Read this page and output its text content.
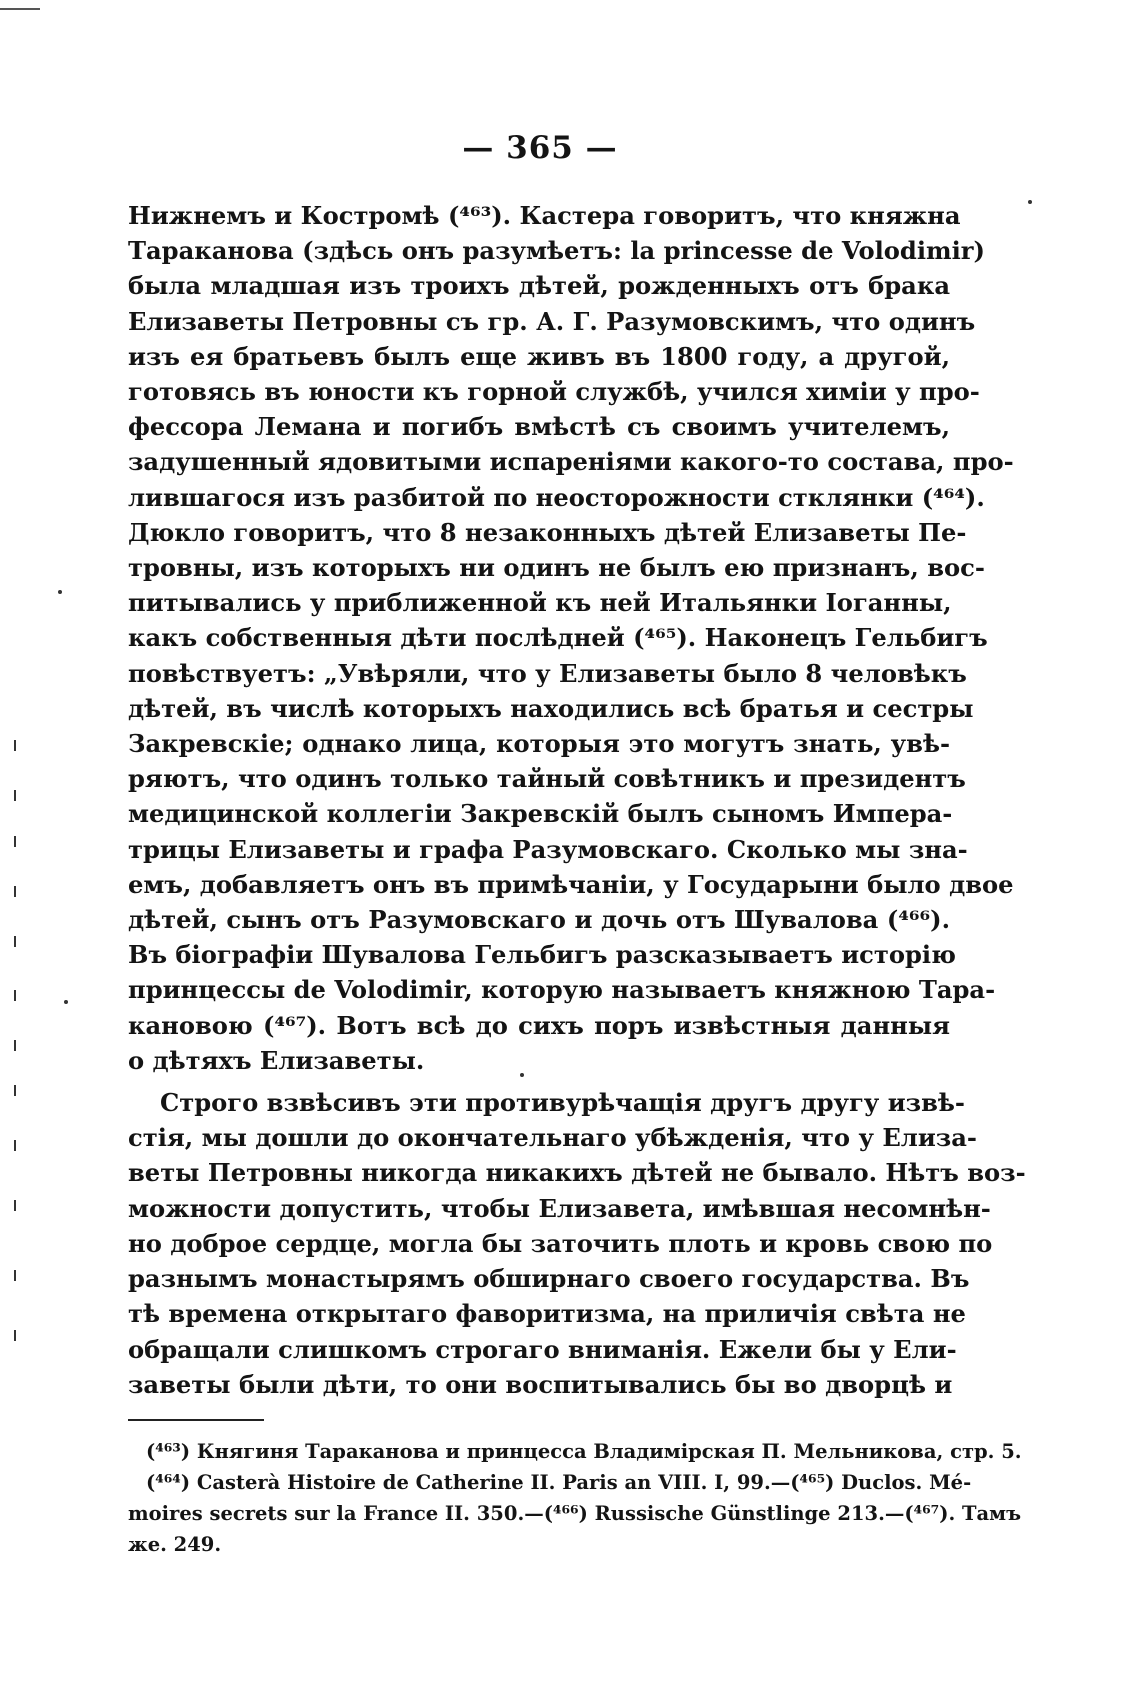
— 365 —
Нижнемъ и Костромѣ (⁴⁶³). Кастера говоритъ, что княжна
Тараканова (здѣсь онъ разумѣетъ: la princesse de Volodimir)
была младшая изъ троихъ дѣтей, рожденныхъ отъ брака
Елизаветы Петровны съ гр. А. Г. Разумовскимъ, что одинъ
изъ ея братьевъ былъ еще живъ въ 1800 году, а другой,
готовясь въ юности къ горной службѣ, учился химіи у про-
фессора Лемана и погибъ вмѣстѣ съ своимъ учителемъ,
задушенный ядовитыми испареніями какого-то состава, про-
лившагося изъ разбитой по неосторожности стклянки (⁴⁶⁴).
Дюкло говоритъ, что 8 незаконныхъ дѣтей Елизаветы Пе-
тровны, изъ которыхъ ни одинъ не былъ ею признанъ, вос-
питывались у приближенной къ ней Итальянки Іоганны,
какъ собственныя дѣти послѣдней (⁴⁶⁵). Наконецъ Гельбигъ
повѣствуетъ: „Увѣряли, что у Елизаветы было 8 человѣкъ
дѣтей, въ числѣ которыхъ находились всѣ братья и сестры
Закревскіе; однако лица, которыя это могутъ знать, увѣ-
ряютъ, что одинъ только тайный совѣтникъ и президентъ
медицинской коллегіи Закревскій былъ сыномъ Импера-
трицы Елизаветы и графа Разумовскаго. Сколько мы зна-
емъ, добавляетъ онъ въ примѣчаніи, у Государыни было двое
дѣтей, сынъ отъ Разумовскаго и дочь отъ Шувалова (⁴⁶⁶).
Въ біографіи Шувалова Гельбигъ разсказываетъ исторію
принцессы de Volodimir, которую называетъ княжною Тара-
кановою (⁴⁶⁷). Вотъ всѣ до сихъ поръ извѣстныя данныя
о дѣтяхъ Елизаветы.
Строго взвѣсивъ эти противурѣчащія другъ другу извѣ-
стія, мы дошли до окончательнаго убѣжденія, что у Елиза-
веты Петровны никогда никакихъ дѣтей не бывало. Нѣтъ воз-
можности допустить, чтобы Елизавета, имѣвшая несомнѣн-
но доброе сердце, могла бы заточить плоть и кровь свою по
разнымъ монастырямъ обширнаго своего государства. Въ
тѣ времена открытаго фаворитизма, на приличія свѣта не
обращали слишкомъ строгаго вниманія. Ежели бы у Ели-
заветы были дѣти, то они воспитывались бы во дворцѣ и
(⁴⁶³) Княгиня Тараканова и принцесса Владимірская П. Мельникова, стр. 5.
(⁴⁶⁴) Casterà Histoire de Catherine II. Paris an VIII. I, 99.—(⁴⁶⁵) Duclos. Mé-
moires secrets sur la France II. 350.—(⁴⁶⁶) Russische Günstlinge 213.—(⁴⁶⁷). Тамъ
же. 249.
